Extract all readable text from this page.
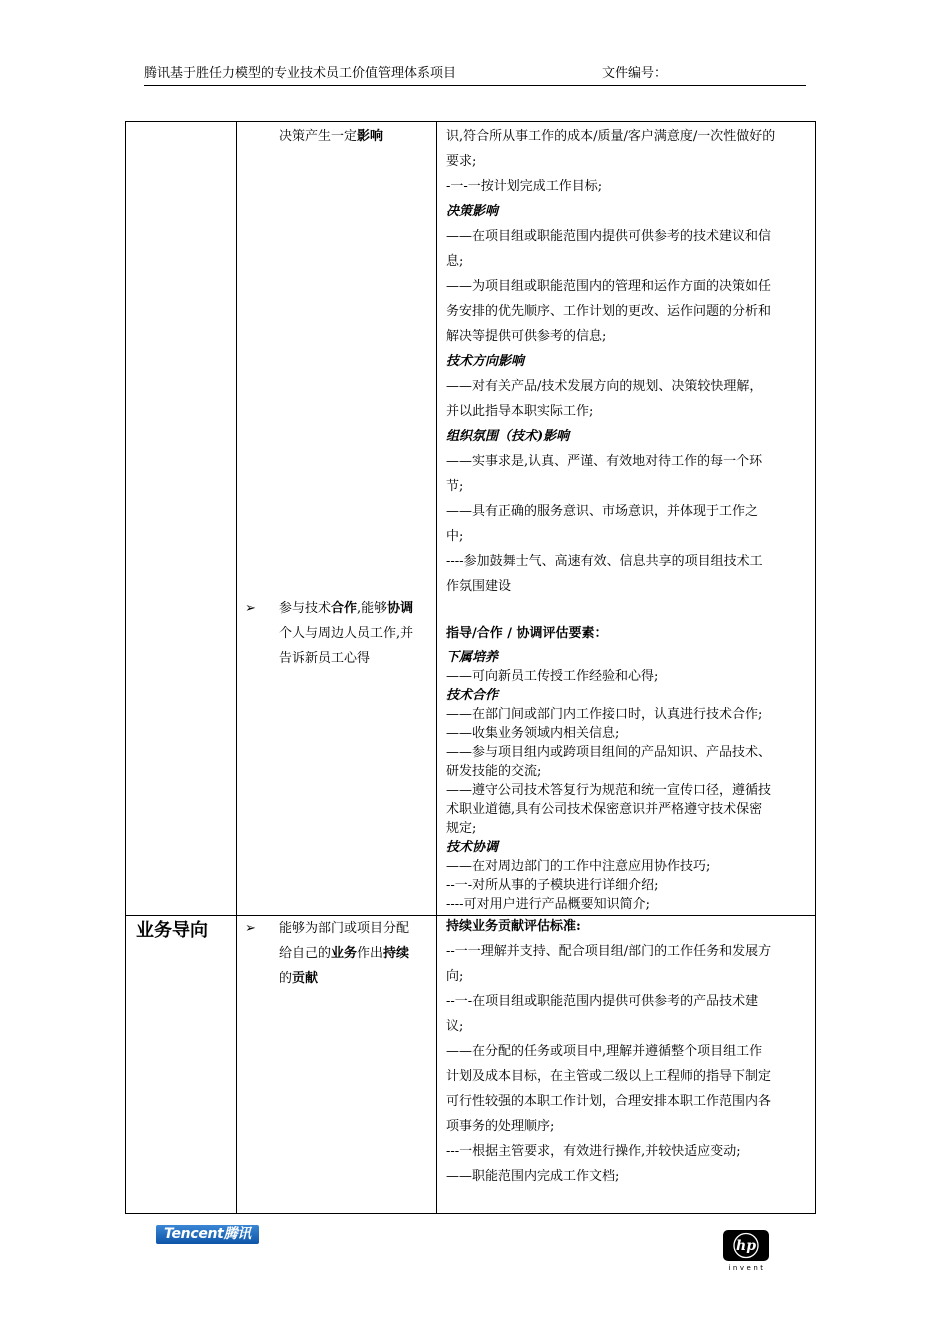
腾讯基于胜任力模型的专业技术员工价值管理体系项目	文件编号：
决策产生一定影响
➢ 参与技术合作,能够协调
个人与周边人员工作,并
告诉新员工心得
识,符合所从事工作的成本/质量/客户满意度/一次性做好的
要求;
-一-一按计划完成工作目标;
决策影响
——在项目组或职能范围内提供可供参考的技术建议和信
息;
——为项目组或职能范围内的管理和运作方面的决策如任
务安排的优先顺序、工作计划的更改、运作问题的分析和
解决等提供可供参考的信息;
技术方向影响
——对有关产品/技术发展方向的规划、决策较快理解，
并以此指导本职实际工作;
组织氛围（技术)影响
——实事求是,认真、严谨、有效地对待工作的每一个环
节;
——具有正确的服务意识、市场意识，并体现于工作之
中;
----参加鼓舞士气、高速有效、信息共享的项目组技术工
作氛围建设
指导/合作 / 协调评估要素：
下属培养
——可向新员工传授工作经验和心得;
技术合作
——在部门间或部门内工作接口时，认真进行技术合作;
——收集业务领域内相关信息;
——参与项目组内或跨项目组间的产品知识、产品技术、
研发技能的交流;
——遵守公司技术答复行为规范和统一宣传口径，遵循技
术职业道德,具有公司技术保密意识并严格遵守技术保密
规定;
技术协调
——在对周边部门的工作中注意应用协作技巧;
--一-对所从事的子模块进行详细介绍;
----可对用户进行产品概要知识简介;
业务导向	➢ 能够为部门或项目分配
给自己的业务作出持续
的贡献
持续业务贡献评估标准:
--一一理解并支持、配合项目组/部门的工作任务和发展方
向;
--一-在项目组或职能范围内提供可供参考的产品技术建
议;
——在分配的任务或项目中,理解并遵循整个项目组工作
计划及成本目标，在主管或二级以上工程师的指导下制定
可行性较强的本职工作计划，合理安排本职工作范围内各
项事务的处理顺序;
---一根据主管要求，有效进行操作,并较快适应变动;
——职能范围内完成工作文档;
Tencent腾讯
hp
invent
